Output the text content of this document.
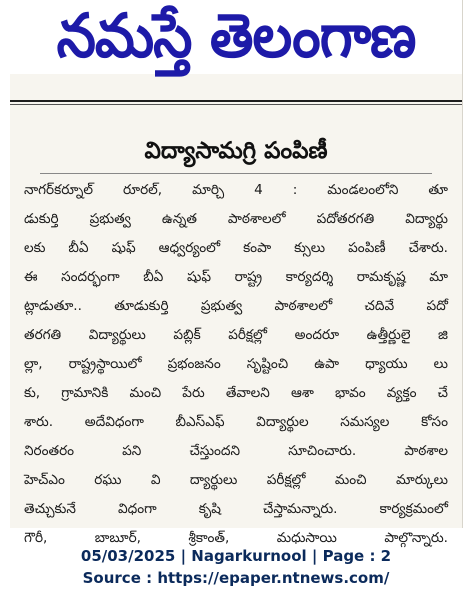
నమస్తే తెలంగాణ
విద్యాసామగ్రి పంపిణీ
నాగర్‌కర్నూల్ రూరల్, మార్చి 4 : మండలంలోని తూ
డుకుర్తి ప్రభుత్వ ఉన్నత పాఠశాలలో పదోతరగతి విద్యార్థు
లకు బీఏ షుఫ్ ఆధ్వర్యంలో కంపా క్సులు పంపిణీ చేశారు.
ఈ సందర్భంగా బీఏ షుఫ్ రాష్ట్ర కార్యదర్శి రామకృష్ణ మా
ట్లాడుతూ.. తూడుకుర్తి ప్రభుత్వ పాఠశాలలో చదివే పదో
తరగతి విద్యార్థులు పబ్లిక్ పరీక్షల్లో అందరూ ఉత్తీర్ణులై జి
ల్లా, రాష్ట్రస్థాయిలో ప్రభంజనం సృష్టించి ఉపా ధ్యాయు లు
కు, గ్రామానికి మంచి పేరు తేవాలని ఆశా భావం వ్యక్తం చే
శారు. అదేవిధంగా బీఎస్‌ఎఫ్ విద్యార్థుల సమస్యల కోసం
నిరంతరం పని చేస్తుందని సూచించారు. పాఠశాల
హెచ్‌ఎం రఘు వి ద్యార్థులు పరీక్షల్లో మంచి మార్కులు
తెచ్చుకునే విధంగా కృషి చేస్తామన్నారు. కార్యక్రమంలో
గౌరీ, బాబూర్, శ్రీకాంత్, మధుసాయి పాల్గొన్నారు.
05/03/2025 | Nagarkurnool | Page : 2
Source : https://epaper.ntnews.com/
